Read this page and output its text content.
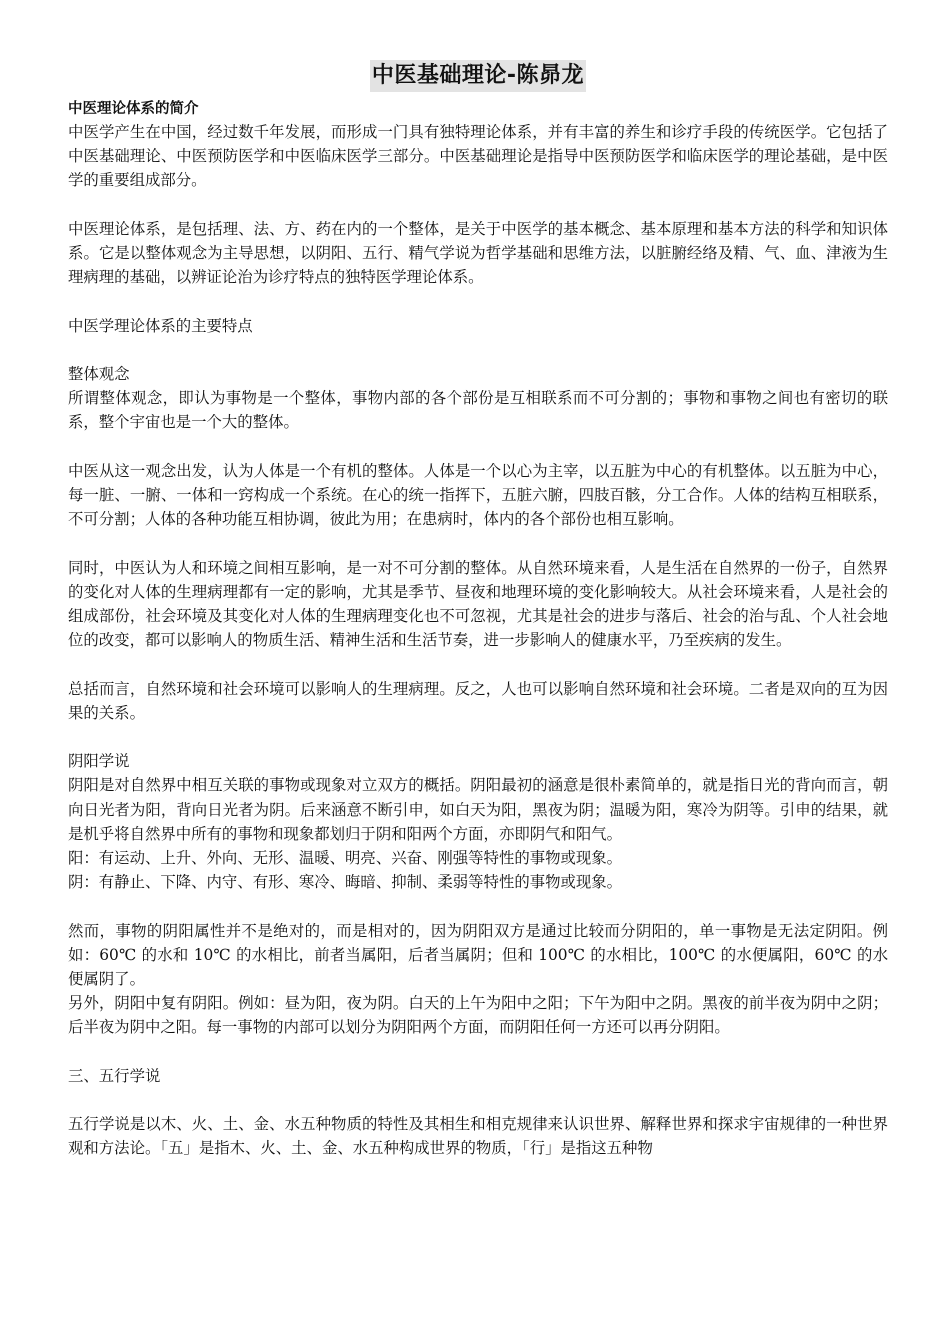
中医基础理论-陈昴龙
中医理论体系的简介

中医学产生在中国，经过数千年发展，而形成一门具有独特理论体系，并有丰富的养生和诊疗手段的传统医学。它包括了中医基础理论、中医预防医学和中医临床医学三部分。中医基础理论是指导中医预防医学和临床医学的理论基础，是中医学的重要组成部分。

中医理论体系，是包括理、法、方、药在内的一个整体，是关于中医学的基本概念、基本原理和基本方法的科学和知识体系。它是以整体观念为主导思想，以阴阳、五行、精气学说为哲学基础和思维方法，以脏腑经络及精、气、血、津液为生理病理的基础，以辨证论治为诊疗特点的独特医学理论体系。

中医学理论体系的主要特点

整体观念

所谓整体观念，即认为事物是一个整体，事物内部的各个部份是互相联系而不可分割的；事物和事物之间也有密切的联系，整个宇宙也是一个大的整体。

中医从这一观念出发，认为人体是一个有机的整体。人体是一个以心为主宰，以五脏为中心的有机整体。以五脏为中心，每一脏、一腑、一体和一窍构成一个系统。在心的统一指挥下，五脏六腑，四肢百骸，分工合作。人体的结构互相联系，不可分割；人体的各种功能互相协调，彼此为用；在患病时，体内的各个部份也相互影响。

同时，中医认为人和环境之间相互影响，是一对不可分割的整体。从自然环境来看，人是生活在自然界的一份子，自然界的变化对人体的生理病理都有一定的影响，尤其是季节、昼夜和地理环境的变化影响较大。从社会环境来看，人是社会的组成部份，社会环境及其变化对人体的生理病理变化也不可忽视，尤其是社会的进步与落后、社会的治与乱、个人社会地位的改变，都可以影响人的物质生活、精神生活和生活节奏，进一步影响人的健康水平，乃至疾病的发生。

总括而言，自然环境和社会环境可以影响人的生理病理。反之，人也可以影响自然环境和社会环境。二者是双向的互为因果的关系。

阴阳学说

阴阳是对自然界中相互关联的事物或现象对立双方的概括。阴阳最初的涵意是很朴素简单的，就是指日光的背向而言，朝向日光者为阳，背向日光者为阴。后来涵意不断引申，如白天为阳，黑夜为阴；温暖为阳，寒冷为阴等。引申的结果，就是机乎将自然界中所有的事物和现象都划归于阴和阳两个方面，亦即阴气和阳气。

阳：有运动、上升、外向、无形、温暖、明亮、兴奋、刚强等特性的事物或现象。

阴：有静止、下降、内守、有形、寒冷、晦暗、抑制、柔弱等特性的事物或现象。

然而，事物的阴阳属性并不是绝对的，而是相对的，因为阴阳双方是通过比较而分阴阳的，单一事物是无法定阴阳。例如：60℃ 的水和 10℃ 的水相比，前者当属阳，后者当属阴；但和 100℃ 的水相比，100℃ 的水便属阳，60℃ 的水便属阴了。

另外，阴阳中复有阴阳。例如：昼为阳，夜为阴。白天的上午为阳中之阳；下午为阳中之阴。黑夜的前半夜为阴中之阴；后半夜为阴中之阳。每一事物的内部可以划分为阴阳两个方面，而阴阳任何一方还可以再分阴阳。

三、五行学说

五行学说是以木、火、土、金、水五种物质的特性及其相生和相克规律来认识世界、解释世界和探求宇宙规律的一种世界观和方法论。「五」是指木、火、土、金、水五种构成世界的物质，「行」是指这五种物
